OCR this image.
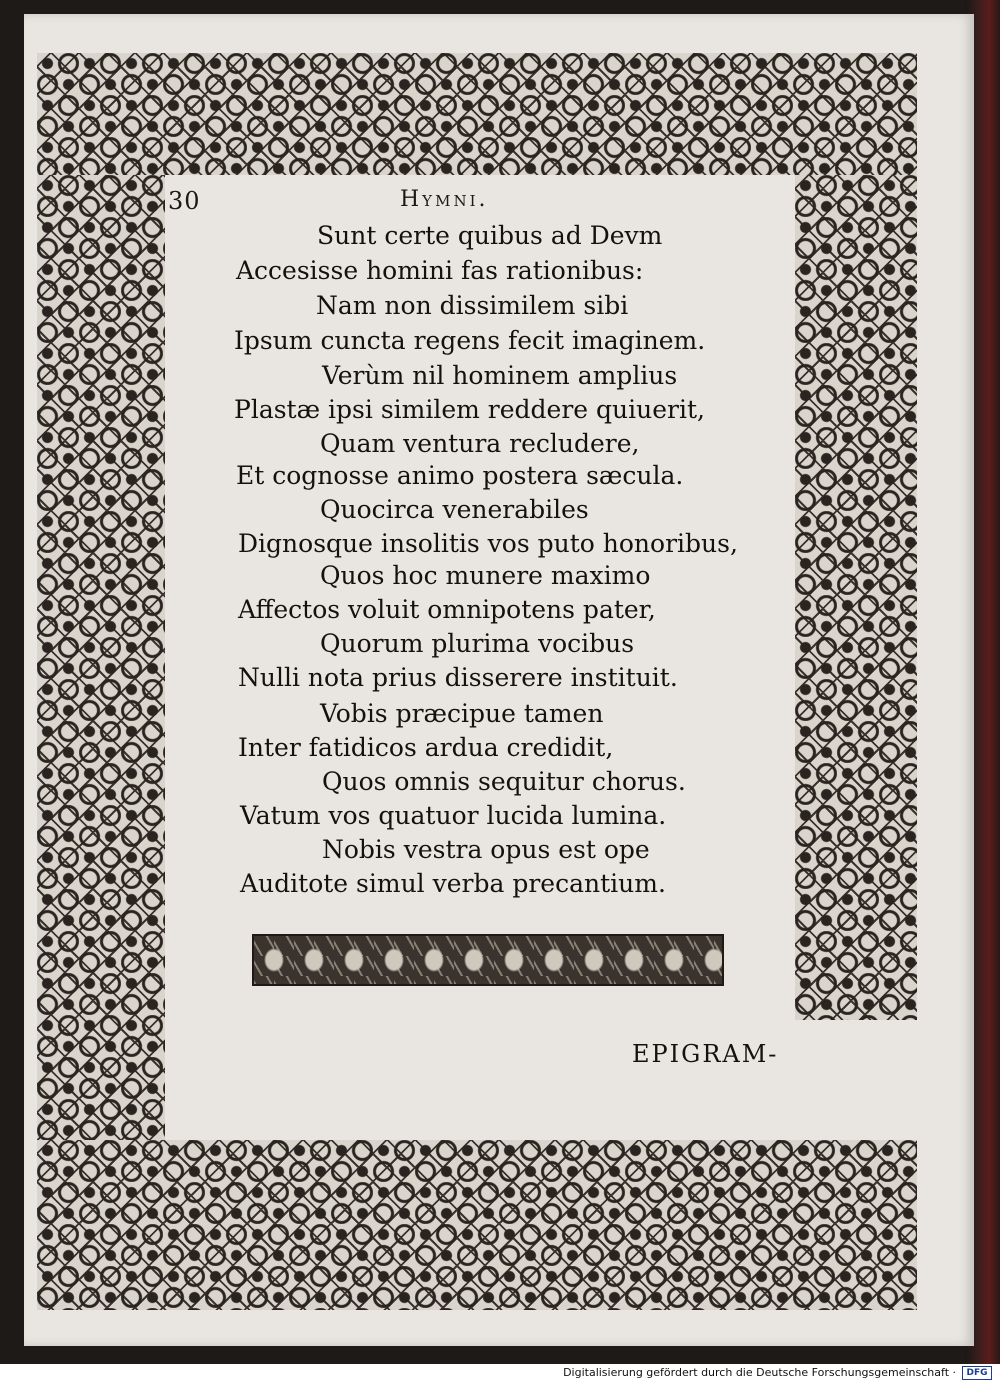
30	Hymni.
Sunt certe quibus ad Devm
Accesisse homini fas rationibus:
Nam non dissimilem sibi
Ipsum cuncta regens fecit imaginem.
Verùm nil hominem amplius
Plastæ ipsi similem reddere quiuerit,
Quam ventura recludere,
Et cognosse animo postera sæcula.
Quocirca venerabiles
Dignosque insolitis vos puto honoribus,
Quos hoc munere maximo
Affectos voluit omnipotens pater,
Quorum plurima vocibus
Nulli nota prius disserere instituit.
Vobis præcipue tamen
Inter fatidicos ardua credidit,
Quos omnis sequitur chorus.
Vatum vos quatuor lucida lumina.
Nobis vestra opus est ope
Auditote simul verba precantium.
EPIGRAM-
Digitalisierung gefördert durch die Deutsche Forschungsgemeinschaft ·	DFG
